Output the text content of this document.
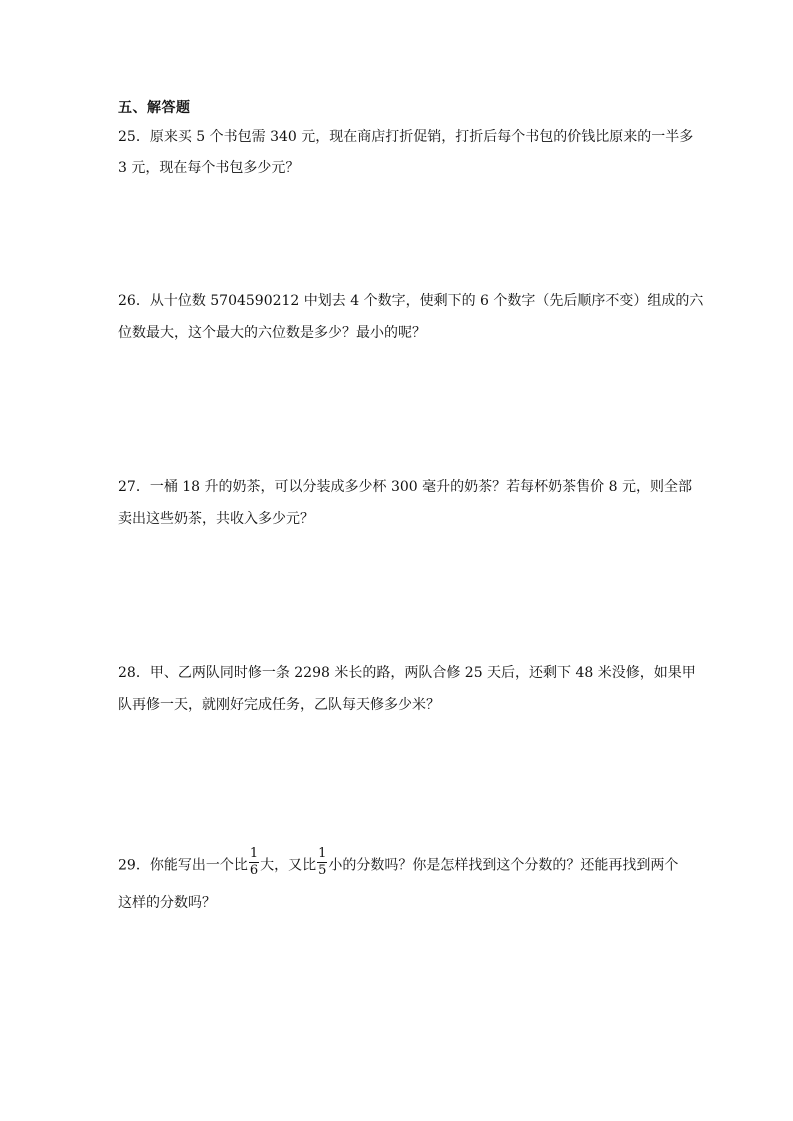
五、解答题
25．原来买 5 个书包需 340 元，现在商店打折促销，打折后每个书包的价钱比原来的一半多
3 元，现在每个书包多少元？
26．从十位数 5704590212 中划去 4 个数字，使剩下的 6 个数字（先后顺序不变）组成的六
位数最大，这个最大的六位数是多少？最小的呢？
27．一桶 18 升的奶茶，可以分装成多少杯 300 毫升的奶茶？若每杯奶茶售价 8 元，则全部
卖出这些奶茶，共收入多少元？
28．甲、乙两队同时修一条 2298 米长的路，两队合修 25 天后，还剩下 48 米没修，如果甲
队再修一天，就刚好完成任务，乙队每天修多少米？
29．你能写出一个比 $\frac{1}{6}$ 大，又比 $\frac{1}{5}$ 小的分数吗？你是怎样找到这个分数的？还能再找到两个
这样的分数吗？
